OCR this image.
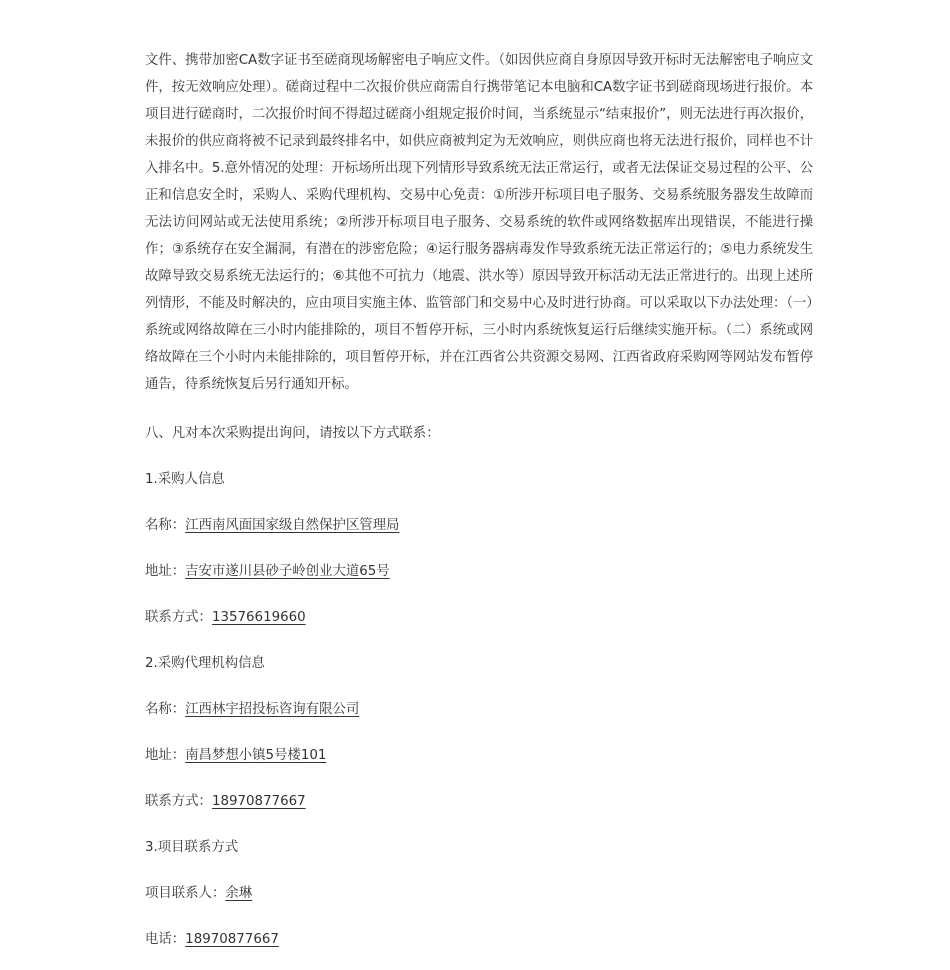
文件、携带加密CA数字证书至磋商现场解密电子响应文件。（如因供应商自身原因导致开标时无法解密电子响应文件，按无效响应处理）。磋商过程中二次报价供应商需自行携带笔记本电脑和CA数字证书到磋商现场进行报价。本项目进行磋商时，二次报价时间不得超过磋商小组规定报价时间，当系统显示“结束报价”，则无法进行再次报价，未报价的供应商将被不记录到最终排名中，如供应商被判定为无效响应，则供应商也将无法进行报价，同样也不计入排名中。5.意外情况的处理：开标场所出现下列情形导致系统无法正常运行，或者无法保证交易过程的公平、公正和信息安全时，采购人、采购代理机构、交易中心免责：①所涉开标项目电子服务、交易系统服务器发生故障而无法访问网站或无法使用系统；②所涉开标项目电子服务、交易系统的软件或网络数据库出现错误，不能进行操作；③系统存在安全漏洞，有潜在的涉密危险；④运行服务器病毒发作导致系统无法正常运行的；⑤电力系统发生故障导致交易系统无法运行的；⑥其他不可抗力（地震、洪水等）原因导致开标活动无法正常进行的。出现上述所列情形，不能及时解决的，应由项目实施主体、监管部门和交易中心及时进行协商。可以采取以下办法处理：（一）系统或网络故障在三小时内能排除的，项目不暂停开标，三小时内系统恢复运行后继续实施开标。（二）系统或网络故障在三个小时内未能排除的，项目暂停开标，并在江西省公共资源交易网、江西省政府采购网等网站发布暂停通告，待系统恢复后另行通知开标。

八、凡对本次采购提出询问，请按以下方式联系：

1.采购人信息

名称：江西南风面国家级自然保护区管理局

地址：吉安市遂川县砂子岭创业大道65号

联系方式：13576619660

2.采购代理机构信息

名称：江西林宇招投标咨询有限公司

地址：南昌梦想小镇5号楼101

联系方式：18970877667

3.项目联系方式

项目联系人：余琳

电话：18970877667
